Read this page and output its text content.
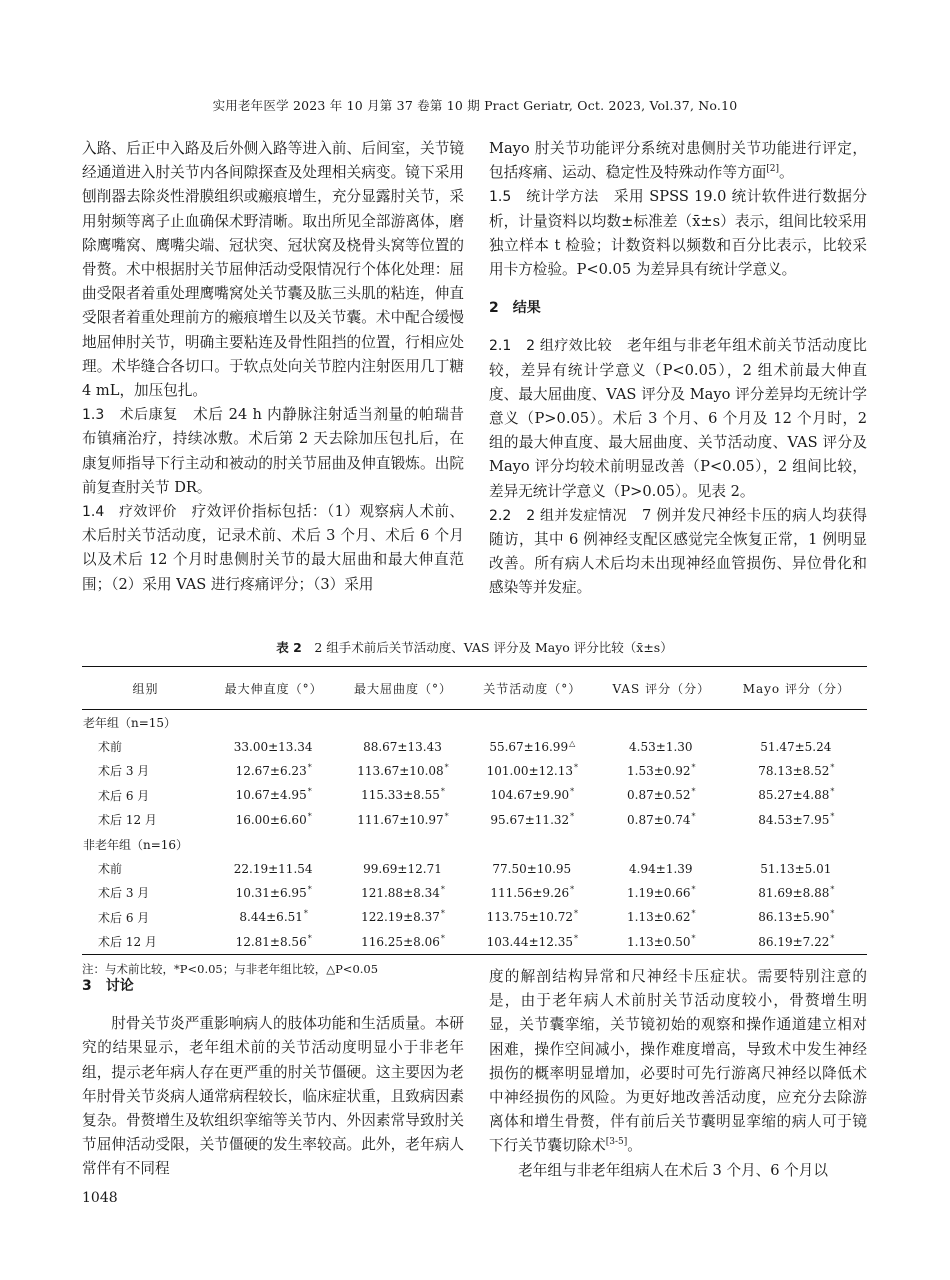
实用老年医学 2023 年 10 月第 37 卷第 10 期 Pract Geriatr, Oct. 2023, Vol.37, No.10

入路、后正中入路及后外侧入路等进入前、后间室，关节镜经通道进入肘关节内各间隙探查及处理相关病变。镜下采用刨削器去除炎性滑膜组织或瘢痕增生，充分显露肘关节，采用射频等离子止血确保术野清晰。取出所见全部游离体，磨除鹰嘴窝、鹰嘴尖端、冠状突、冠状窝及桡骨头窝等位置的骨赘。术中根据肘关节屈伸活动受限情况行个体化处理：屈曲受限者着重处理鹰嘴窝处关节囊及肱三头肌的粘连，伸直受限者着重处理前方的瘢痕增生以及关节囊。术中配合缓慢地屈伸肘关节，明确主要粘连及骨性阻挡的位置，行相应处理。术毕缝合各切口。于软点处向关节腔内注射医用几丁糖 4 mL，加压包扎。

1.3　术后康复　 术后 24 h 内静脉注射适当剂量的帕瑞昔布镇痛治疗，持续冰敷。术后第 2 天去除加压包扎后，在康复师指导下行主动和被动的肘关节屈曲及伸直锻炼。出院前复查肘关节 DR。

1.4　疗效评价　 疗效评价指标包括：（1）观察病人术前、术后肘关节活动度，记录术前、术后 3 个月、术后 6 个月以及术后 12 个月时患侧肘关节的最大屈曲和最大伸直范围；（2）采用 VAS 进行疼痛评分；（3）采用

Mayo 肘关节功能评分系统对患侧肘关节功能进行评定，包括疼痛、运动、稳定性及特殊动作等方面[2]。

1.5　统计学方法　 采用 SPSS 19.0 统计软件进行数据分析，计量资料以均数±标准差（x̄±s）表示，组间比较采用独立样本 t 检验；计数资料以频数和百分比表示，比较采用卡方检验。P<0.05 为差异具有统计学意义。

2　结果

2.1　2 组疗效比较　 老年组与非老年组术前关节活动度比较，差异有统计学意义（P<0.05），2 组术前最大伸直度、最大屈曲度、VAS 评分及 Mayo 评分差异均无统计学意义（P>0.05）。术后 3 个月、6 个月及 12 个月时，2 组的最大伸直度、最大屈曲度、关节活动度、VAS 评分及 Mayo 评分均较术前明显改善（P<0.05），2 组间比较，差异无统计学意义（P>0.05）。见表 2。

2.2　2 组并发症情况　 7 例并发尺神经卡压的病人均获得随访，其中 6 例神经支配区感觉完全恢复正常，1 例明显改善。所有病人术后均未出现神经血管损伤、异位骨化和感染等并发症。

表 2　 2 组手术前后关节活动度、VAS 评分及 Mayo 评分比较（x̄±s）
组别	最大伸直度（°）	最大屈曲度（°）	关节活动度（°）	VAS 评分（分）	Mayo 评分（分）
老年组（n=15）					
术前	33.00±13.34	88.67±13.43	55.67±16.99△	4.53±1.30	51.47±5.24
术后 3 月	12.67±6.23*	113.67±10.08*	101.00±12.13*	1.53±0.92*	78.13±8.52*
术后 6 月	10.67±4.95*	115.33±8.55*	104.67±9.90*	0.87±0.52*	85.27±4.88*
术后 12 月	16.00±6.60*	111.67±10.97*	95.67±11.32*	0.87±0.74*	84.53±7.95*
非老年组（n=16）					
术前	22.19±11.54	99.69±12.71	77.50±10.95	4.94±1.39	51.13±5.01
术后 3 月	10.31±6.95*	121.88±8.34*	111.56±9.26*	1.19±0.66*	81.69±8.88*
术后 6 月	8.44±6.51*	122.19±8.37*	113.75±10.72*	1.13±0.62*	86.13±5.90*
术后 12 月	12.81±8.56*	116.25±8.06*	103.44±12.35*	1.13±0.50*	86.19±7.22*
注：与术前比较，*P<0.05；与非老年组比较，△P<0.05

3　讨论

肘骨关节炎严重影响病人的肢体功能和生活质量。本研究的结果显示，老年组术前的关节活动度明显小于非老年组，提示老年病人存在更严重的肘关节僵硬。这主要因为老年肘骨关节炎病人通常病程较长，临床症状重，且致病因素复杂。骨赘增生及软组织挛缩等关节内、外因素常导致肘关节屈伸活动受限，关节僵硬的发生率较高。此外，老年病人常伴有不同程

度的解剖结构异常和尺神经卡压症状。需要特别注意的是，由于老年病人术前肘关节活动度较小，骨赘增生明显，关节囊挛缩，关节镜初始的观察和操作通道建立相对困难，操作空间减小，操作难度增高，导致术中发生神经损伤的概率明显增加，必要时可先行游离尺神经以降低术中神经损伤的风险。为更好地改善活动度，应充分去除游离体和增生骨赘，伴有前后关节囊明显挛缩的病人可于镜下行关节囊切除术[3-5]。

老年组与非老年组病人在术后 3 个月、6 个月以

1048
